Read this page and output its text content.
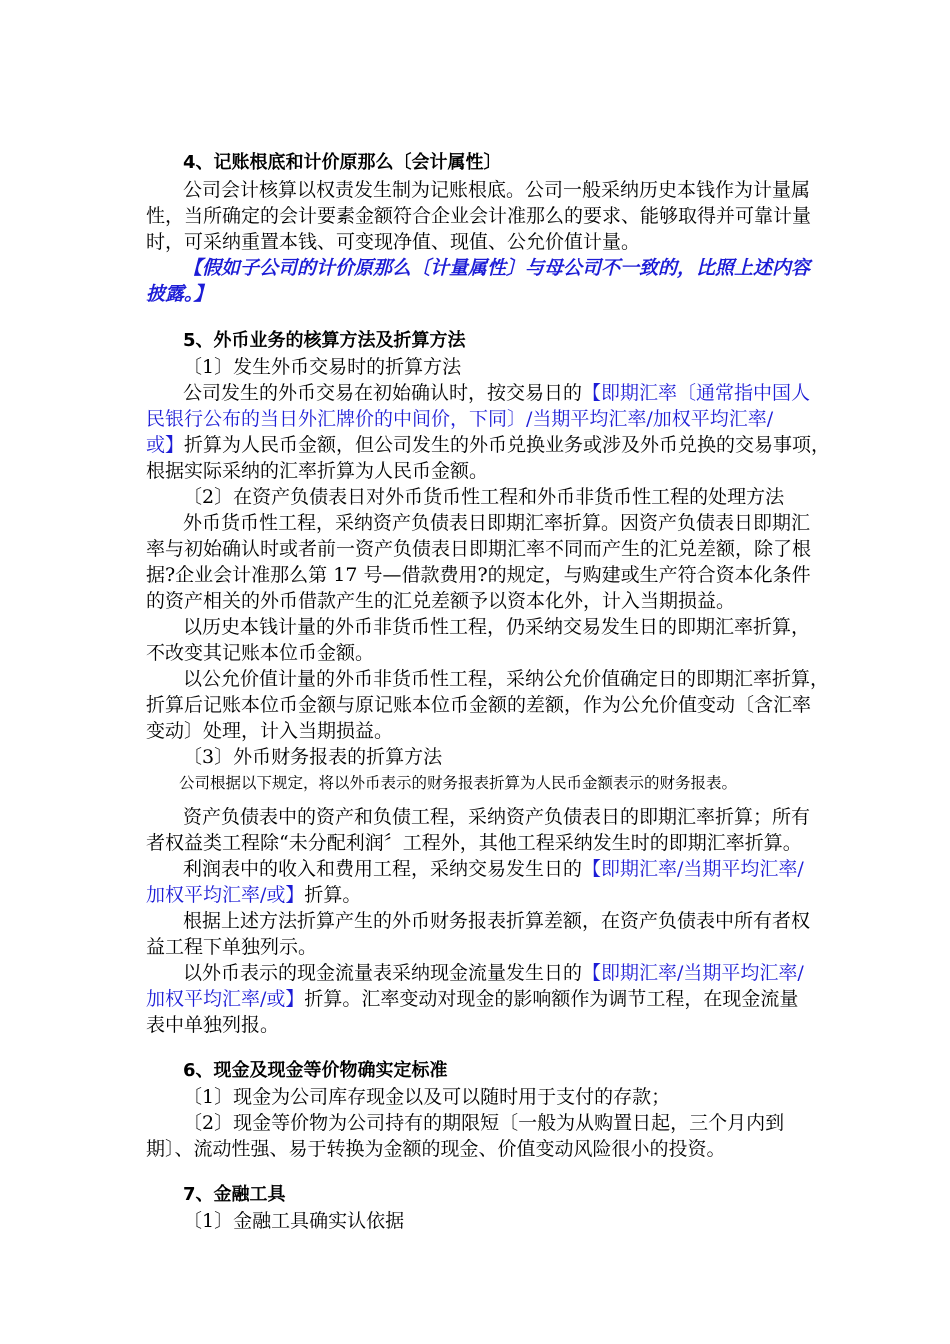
4、记账根底和计价原那么〔会计属性〕
公司会计核算以权责发生制为记账根底。公司一般采纳历史本钱作为计量属
性，当所确定的会计要素金额符合企业会计准那么的要求、能够取得并可靠计量
时，可采纳重置本钱、可变现净值、现值、公允价值计量。
【假如子公司的计价原那么〔计量属性〕与母公司不一致的，比照上述内容
披露。】
5、外币业务的核算方法及折算方法
〔1〕发生外币交易时的折算方法
公司发生的外币交易在初始确认时，按交易日的【即期汇率〔通常指中国人
民银行公布的当日外汇牌价的中间价，下同〕/当期平均汇率/加权平均汇率/
或】折算为人民币金额，但公司发生的外币兑换业务或涉及外币兑换的交易事项，
根据实际采纳的汇率折算为人民币金额。
〔2〕在资产负债表日对外币货币性工程和外币非货币性工程的处理方法
外币货币性工程，采纳资产负债表日即期汇率折算。因资产负债表日即期汇
率与初始确认时或者前一资产负债表日即期汇率不同而产生的汇兑差额，除了根
据?企业会计准那么第 17 号—借款费用?的规定，与购建或生产符合资本化条件
的资产相关的外币借款产生的汇兑差额予以资本化外，计入当期损益。
以历史本钱计量的外币非货币性工程，仍采纳交易发生日的即期汇率折算，
不改变其记账本位币金额。
以公允价值计量的外币非货币性工程，采纳公允价值确定日的即期汇率折算，
折算后记账本位币金额与原记账本位币金额的差额，作为公允价值变动〔含汇率
变动〕处理，计入当期损益。
〔3〕外币财务报表的折算方法
公司根据以下规定，将以外币表示的财务报表折算为人民币金额表示的财务报表。
资产负债表中的资产和负债工程，采纳资产负债表日的即期汇率折算；所有
者权益类工程除“未分配利润〞工程外，其他工程采纳发生时的即期汇率折算。
利润表中的收入和费用工程，采纳交易发生日的【即期汇率/当期平均汇率/
加权平均汇率/或】折算。
根据上述方法折算产生的外币财务报表折算差额，在资产负债表中所有者权
益工程下单独列示。
以外币表示的现金流量表采纳现金流量发生日的【即期汇率/当期平均汇率/
加权平均汇率/或】折算。汇率变动对现金的影响额作为调节工程，在现金流量
表中单独列报。
6、现金及现金等价物确实定标准
〔1〕现金为公司库存现金以及可以随时用于支付的存款；
〔2〕现金等价物为公司持有的期限短〔一般为从购置日起，三个月内到
期〕、流动性强、易于转换为金额的现金、价值变动风险很小的投资。
7、金融工具
〔1〕金融工具确实认依据
